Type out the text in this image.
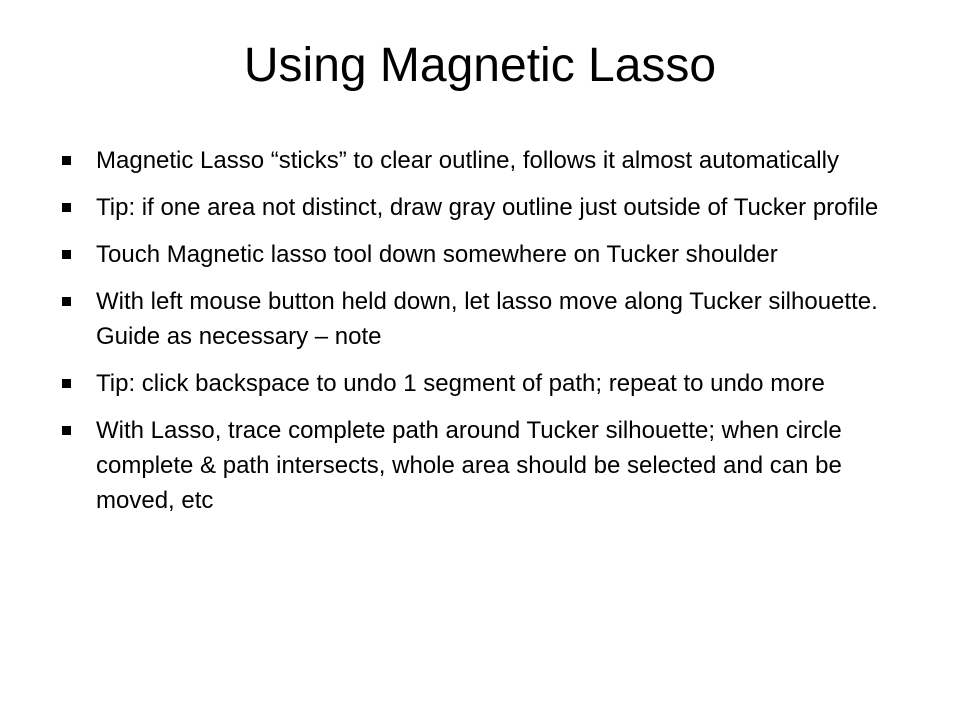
Using Magnetic Lasso
Magnetic Lasso “sticks” to clear outline, follows it almost automatically
Tip: if one area not distinct, draw gray outline just outside of Tucker profile
Touch Magnetic lasso tool down somewhere on Tucker shoulder
With left mouse button held down, let lasso move along Tucker silhouette. Guide as necessary – note
Tip: click backspace to undo 1 segment of path; repeat to undo more
With Lasso, trace complete path around Tucker silhouette; when circle complete & path intersects, whole area should be selected and can be moved, etc
